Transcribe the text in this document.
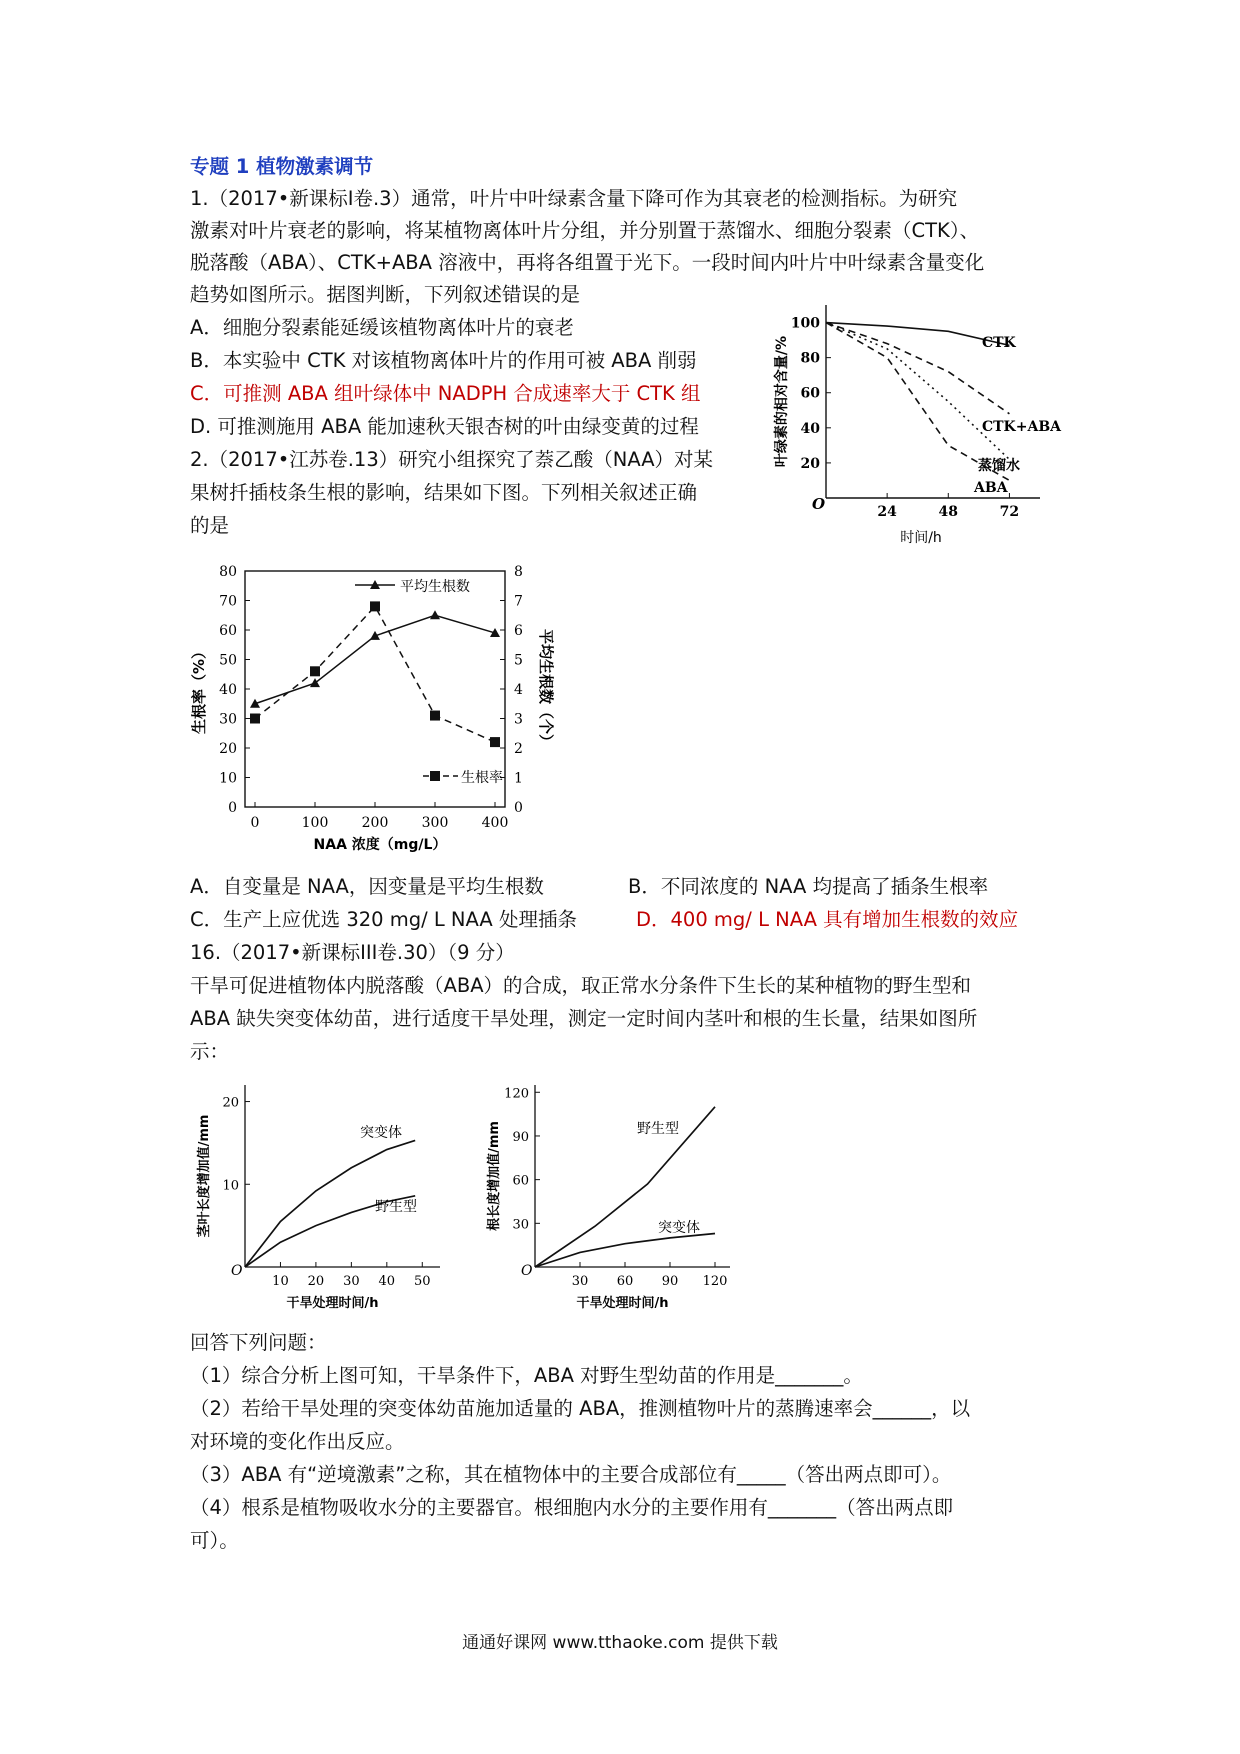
专题 1 植物激素调节
1.（2017•新课标Ⅰ卷.3）通常，叶片中叶绿素含量下降可作为其衰老的检测指标。为研究
激素对叶片衰老的影响，将某植物离体叶片分组，并分别置于蒸馏水、细胞分裂素（CTK）、
脱落酸（ABA）、CTK+ABA 溶液中，再将各组置于光下。一段时间内叶片中叶绿素含量变化
趋势如图所示。据图判断，下列叙述错误的是
A．细胞分裂素能延缓该植物离体叶片的衰老
B．本实验中 CTK 对该植物离体叶片的作用可被 ABA 削弱
C．可推测 ABA 组叶绿体中 NADPH 合成速率大于 CTK 组
D. 可推测施用 ABA 能加速秋天银杏树的叶由绿变黄的过程
2.（2017•江苏卷.13）研究小组探究了萘乙酸（NAA）对某
果树扦插枝条生根的影响，结果如下图。下列相关叙述正确
的是
A．自变量是 NAA，因变量是平均生根数	B．不同浓度的 NAA 均提高了插条生根率
C．生产上应优选 320 mg/ L NAA 处理插条	D．400 mg/ L NAA 具有增加生根数的效应
16.（2017•新课标III卷.30）（9 分）
干旱可促进植物体内脱落酸（ABA）的合成，取正常水分条件下生长的某种植物的野生型和
ABA 缺失突变体幼苗，进行适度干旱处理，测定一定时间内茎叶和根的生长量，结果如图所
示：
回答下列问题：
（1）综合分析上图可知，干旱条件下，ABA 对野生型幼苗的作用是_______。
（2）若给干旱处理的突变体幼苗施加适量的 ABA，推测植物叶片的蒸腾速率会______，以
对环境的变化作出反应。
（3）ABA 有“逆境激素”之称，其在植物体中的主要合成部位有_____（答出两点即可）。
（4）根系是植物吸收水分的主要器官。根细胞内水分的主要作用有_______（答出两点即
可）。
通通好课网 www.tthaoke.com 提供下载
20
40
60
80
100
24	48	72
O
时间/h
叶绿素的相对含量/%	CTK
CTK+ABA
蒸馏水
ABA
0
10
20
30
40
50
60
70
80
0
1
2
3
4
5
6
7
8
0	100 200 300 400
NAA 浓度（mg/L）
生根率（%）	平均生根数（个）
平均生根数
生根率
10
20
10 20 30 40 50
O
干旱处理时间/h
茎叶长度增加值/mm	突变体
野生型
30
60
90
120
30 60 90 120
O
干旱处理时间/h
根长度增加值/mm	野生型
突变体
